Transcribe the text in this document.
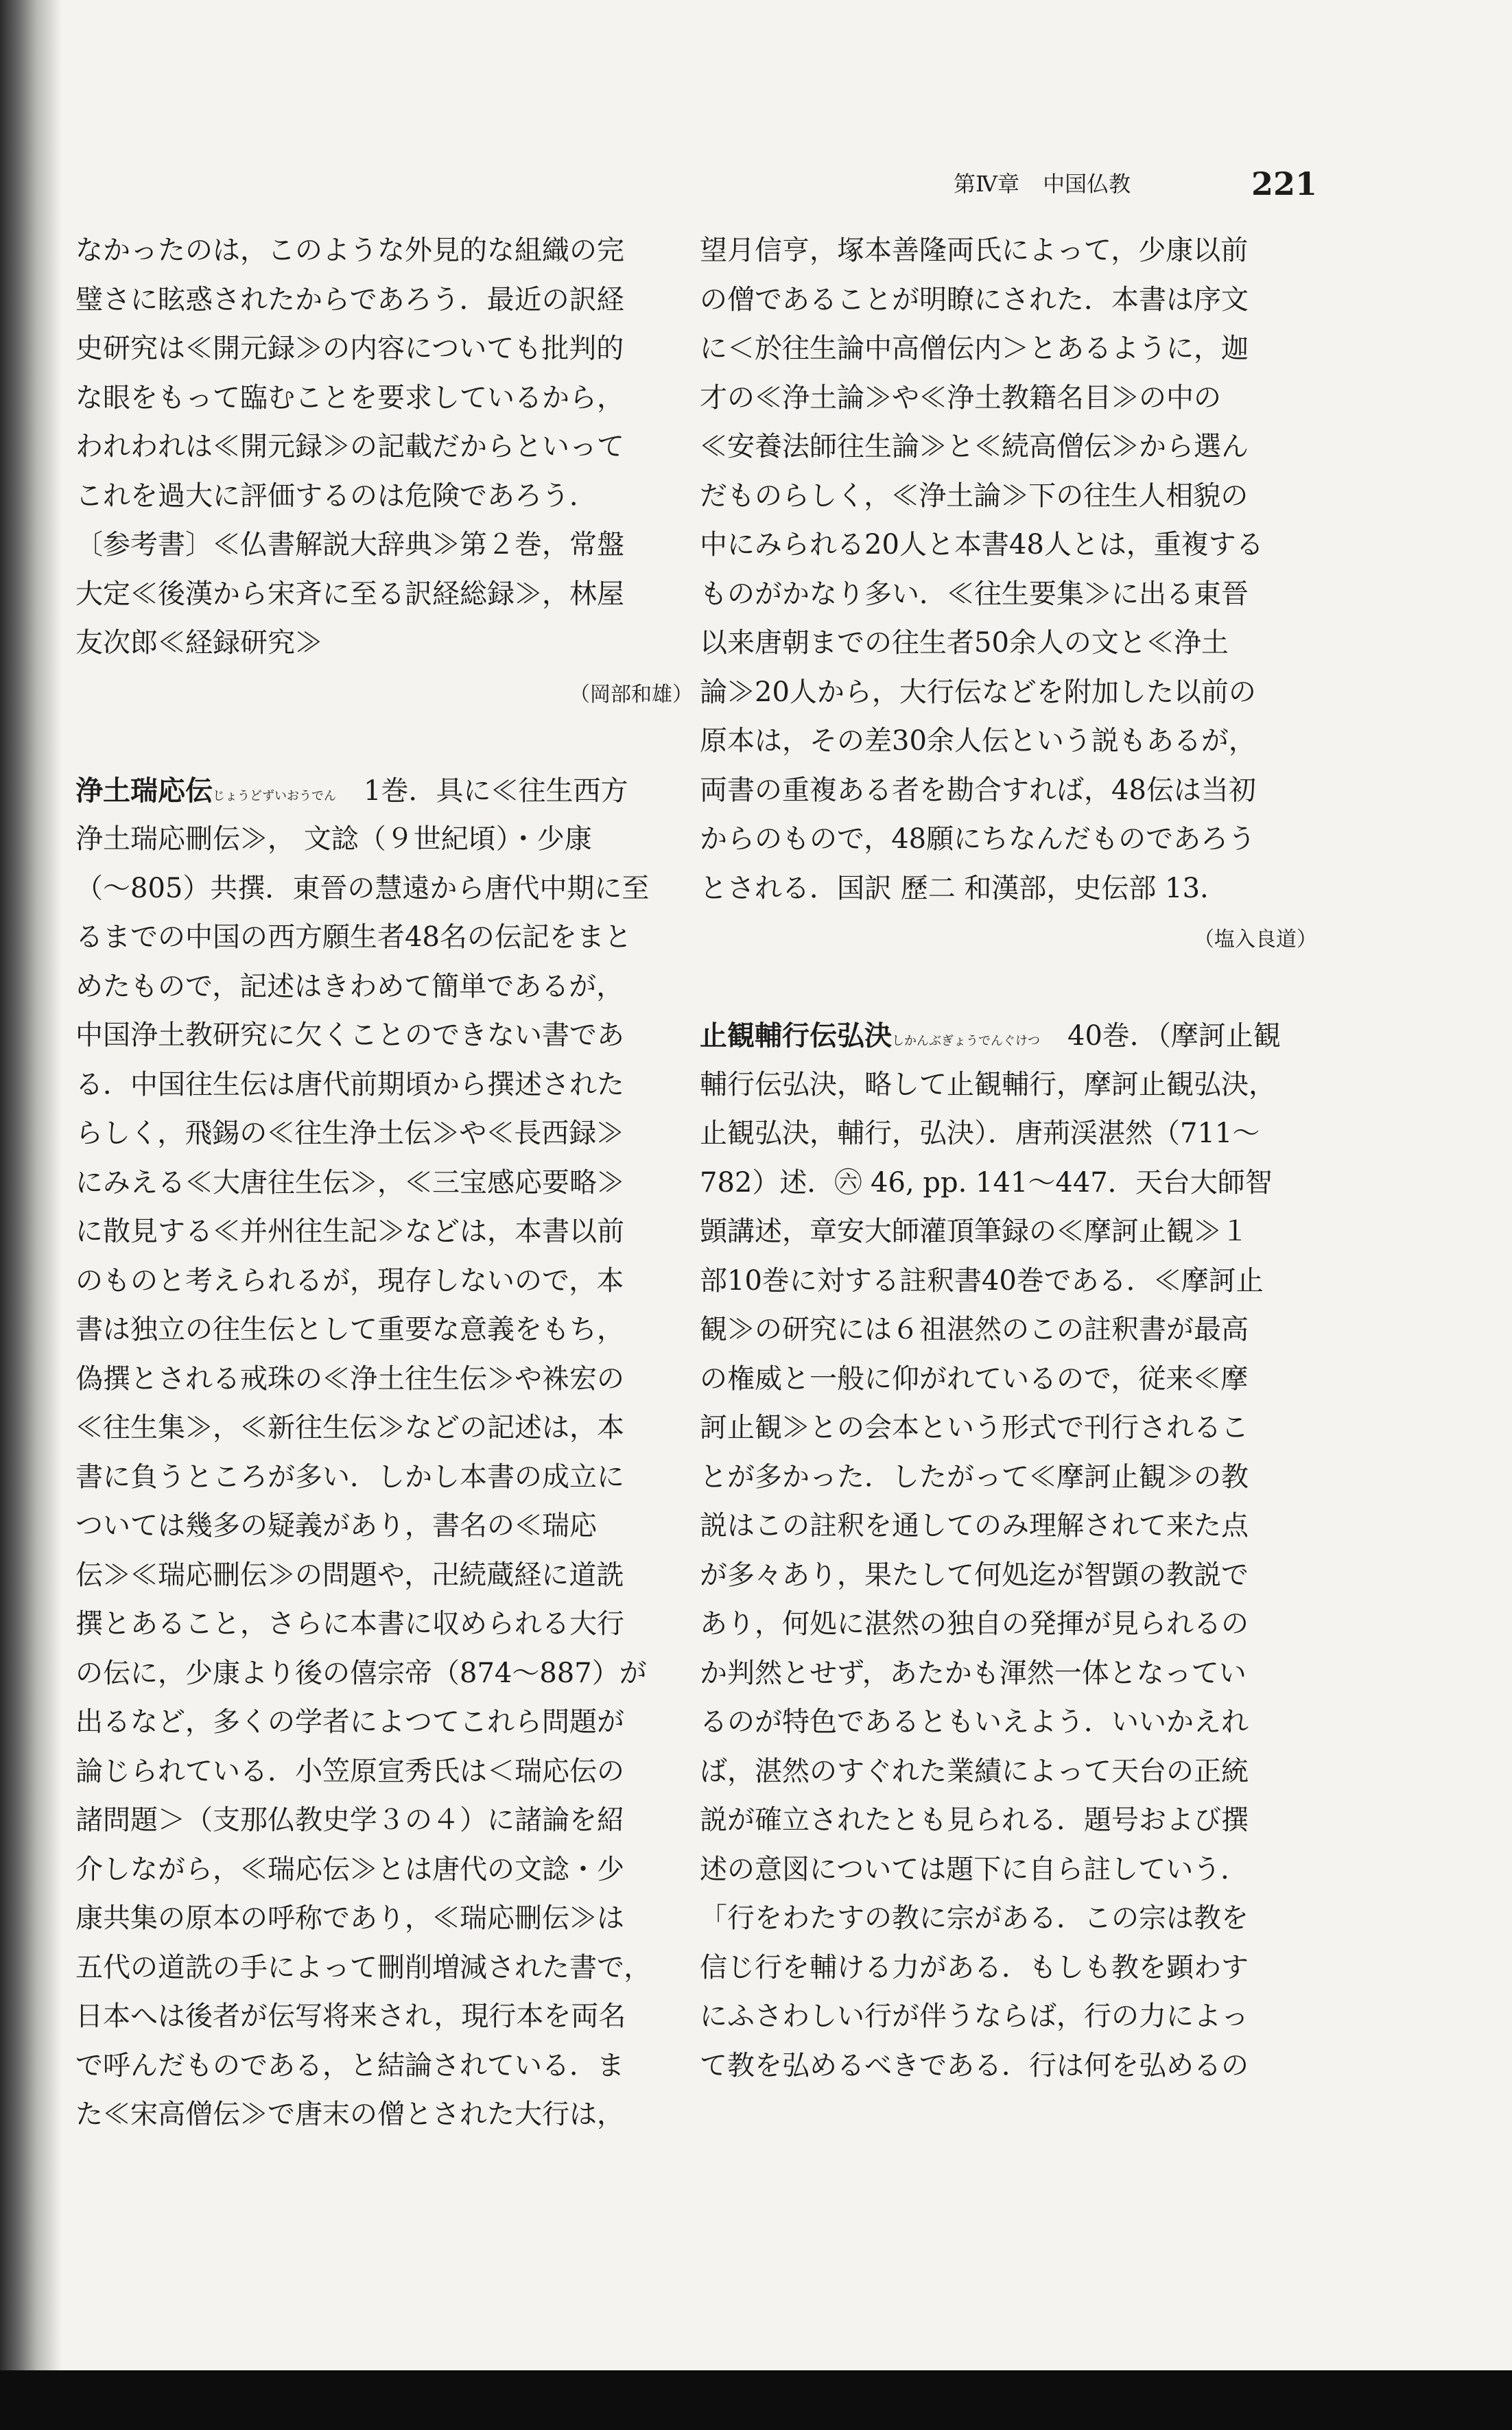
第Ⅳ章 中国仏教	221
なかったのは，このような外見的な組織の完
璧さに眩惑されたからであろう．最近の訳経
史研究は≪開元録≫の内容についても批判的
な眼をもって臨むことを要求しているから，
われわれは≪開元録≫の記載だからといって
これを過大に評価するのは危険であろう．
〔参考書〕≪仏書解説大辞典≫第２巻，常盤
大定≪後漢から宋斉に至る訳経総録≫，林屋
友次郎≪経録研究≫
（岡部和雄）
浄土瑞応伝じょうどずいおうでん　1巻．具に≪往生西方
浄土瑞応刪伝≫， 文諗（９世紀頃）・少康
（～805）共撰．東晉の慧遠から唐代中期に至
るまでの中国の西方願生者48名の伝記をまと
めたもので，記述はきわめて簡単であるが，
中国浄土教研究に欠くことのできない書であ
る．中国往生伝は唐代前期頃から撰述された
らしく，飛錫の≪往生浄土伝≫や≪長西録≫
にみえる≪大唐往生伝≫，≪三宝感応要略≫
に散見する≪并州往生記≫などは，本書以前
のものと考えられるが，現存しないので，本
書は独立の往生伝として重要な意義をもち，
偽撰とされる戒珠の≪浄土往生伝≫や袾宏の
≪往生集≫，≪新往生伝≫などの記述は，本
書に負うところが多い．しかし本書の成立に
ついては幾多の疑義があり，書名の≪瑞応
伝≫≪瑞応刪伝≫の問題や，卍続蔵経に道詵
撰とあること，さらに本書に収められる大行
の伝に，少康より後の僖宗帝（874～887）が
出るなど，多くの学者によつてこれら問題が
論じられている．小笠原宣秀氏は＜瑞応伝の
諸問題＞（支那仏教史学３の４）に諸論を紹
介しながら，≪瑞応伝≫とは唐代の文諗・少
康共集の原本の呼称であり，≪瑞応刪伝≫は
五代の道詵の手によって刪削増減された書で，
日本へは後者が伝写将来され，現行本を両名
で呼んだものである，と結論されている．ま
た≪宋高僧伝≫で唐末の僧とされた大行は，
望月信亨，塚本善隆両氏によって，少康以前
の僧であることが明瞭にされた．本書は序文
に＜於往生論中高僧伝内＞とあるように，迦
才の≪浄土論≫や≪浄土教籍名目≫の中の
≪安養法師往生論≫と≪続高僧伝≫から選ん
だものらしく，≪浄土論≫下の往生人相貌の
中にみられる20人と本書48人とは，重複する
ものがかなり多い．≪往生要集≫に出る東晉
以来唐朝までの往生者50余人の文と≪浄土
論≫20人から，大行伝などを附加した以前の
原本は，その差30余人伝という説もあるが，
両書の重複ある者を勘合すれば，48伝は当初
からのもので，48願にちなんだものであろう
とされる．国訳 歷二 和漢部，史伝部 13.
（塩入良道）
止観輔行伝弘決しかんぶぎょうでんぐけつ　40巻．（摩訶止観
輔行伝弘決，略して止観輔行，摩訶止観弘決，
止観弘決，輔行，弘決）．唐荊渓湛然（711～
782）述．㊅ 46, pp. 141～447．天台大師智
顗講述，章安大師灌頂筆録の≪摩訶止観≫１
部10巻に対する註釈書40巻である．≪摩訶止
観≫の研究には６祖湛然のこの註釈書が最高
の権威と一般に仰がれているので，従来≪摩
訶止観≫との会本という形式で刊行されるこ
とが多かった．したがって≪摩訶止観≫の教
説はこの註釈を通してのみ理解されて来た点
が多々あり，果たして何処迄が智顗の教説で
あり，何処に湛然の独自の発揮が見られるの
か判然とせず，あたかも渾然一体となってい
るのが特色であるともいえよう．いいかえれ
ば，湛然のすぐれた業績によって天台の正統
説が確立されたとも見られる．題号および撰
述の意図については題下に自ら註していう．
「行をわたすの教に宗がある．この宗は教を
信じ行を輔ける力がある．もしも教を顕わす
にふさわしい行が伴うならば，行の力によっ
て教を弘めるべきである．行は何を弘めるの
